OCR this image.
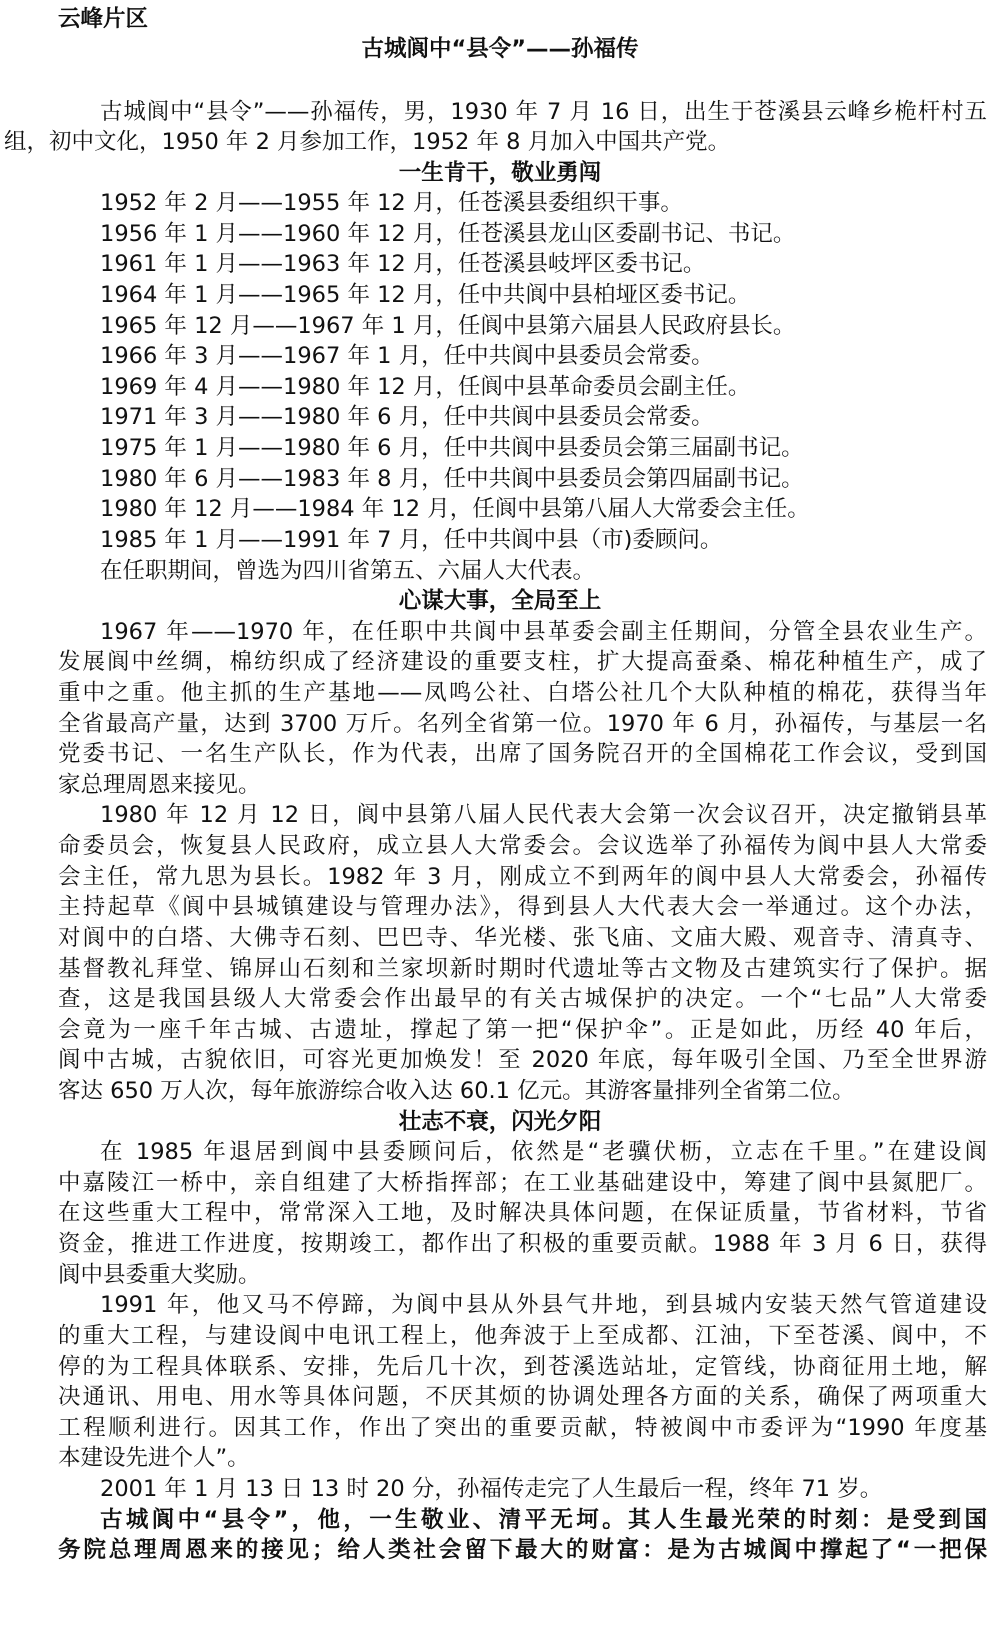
云峰片区
古城阆中“县令”——孙福传
古城阆中“县令”——孙福传，男，1930 年 7 月 16 日，出生于苍溪县云峰乡桅杆村五
组，初中文化，1950 年 2 月参加工作，1952 年 8 月加入中国共产党。
一生肯干，敬业勇闯
1952 年 2 月——1955 年 12 月，任苍溪县委组织干事。
1956 年 1 月——1960 年 12 月，任苍溪县龙山区委副书记、书记。
1961 年 1 月——1963 年 12 月，任苍溪县岐坪区委书记。
1964 年 1 月——1965 年 12 月，任中共阆中县柏垭区委书记。
1965 年 12 月——1967 年 1 月，任阆中县第六届县人民政府县长。
1966 年 3 月——1967 年 1 月，任中共阆中县委员会常委。
1969 年 4 月——1980 年 12 月，任阆中县革命委员会副主任。
1971 年 3 月——1980 年 6 月，任中共阆中县委员会常委。
1975 年 1 月——1980 年 6 月，任中共阆中县委员会第三届副书记。
1980 年 6 月——1983 年 8 月，任中共阆中县委员会第四届副书记。
1980 年 12 月——1984 年 12 月，任阆中县第八届人大常委会主任。
1985 年 1 月——1991 年 7 月，任中共阆中县（市)委顾问。
在任职期间，曾选为四川省第五、六届人大代表。
心谋大事，全局至上
1967 年——1970 年，在任职中共阆中县革委会副主任期间，分管全县农业生产。
发展阆中丝绸，棉纺织成了经济建设的重要支柱，扩大提高蚕桑、棉花种植生产，成了
重中之重。他主抓的生产基地——凤鸣公社、白塔公社几个大队种植的棉花，获得当年
全省最高产量，达到 3700 万斤。名列全省第一位。1970 年 6 月，孙福传，与基层一名
党委书记、一名生产队长，作为代表，出席了国务院召开的全国棉花工作会议，受到国
家总理周恩来接见。
1980 年 12 月 12 日，阆中县第八届人民代表大会第一次会议召开，决定撤销县革
命委员会，恢复县人民政府，成立县人大常委会。会议选举了孙福传为阆中县人大常委
会主任，常九思为县长。1982 年 3 月，刚成立不到两年的阆中县人大常委会，孙福传
主持起草《阆中县城镇建设与管理办法》，得到县人大代表大会一举通过。这个办法，
对阆中的白塔、大佛寺石刻、巴巴寺、华光楼、张飞庙、文庙大殿、观音寺、清真寺、
基督教礼拜堂、锦屏山石刻和兰家坝新时期时代遗址等古文物及古建筑实行了保护。据
查，这是我国县级人大常委会作出最早的有关古城保护的决定。一个“七品”人大常委
会竟为一座千年古城、古遗址，撑起了第一把“保护伞”。正是如此，历经 40 年后，
阆中古城，古貌依旧，可容光更加焕发！至 2020 年底，每年吸引全国、乃至全世界游
客达 650 万人次，每年旅游综合收入达 60.1 亿元。其游客量排列全省第二位。
壮志不衰，闪光夕阳
在 1985 年退居到阆中县委顾问后，依然是“老骥伏枥，立志在千里。”在建设阆
中嘉陵江一桥中，亲自组建了大桥指挥部；在工业基础建设中，筹建了阆中县氮肥厂。
在这些重大工程中，常常深入工地，及时解决具体问题，在保证质量，节省材料，节省
资金，推进工作进度，按期竣工，都作出了积极的重要贡献。1988 年 3 月 6 日，获得
阆中县委重大奖励。
1991 年，他又马不停蹄，为阆中县从外县气井地，到县城内安装天然气管道建设
的重大工程，与建设阆中电讯工程上，他奔波于上至成都、江油，下至苍溪、阆中，不
停的为工程具体联系、安排，先后几十次，到苍溪选站址，定管线，协商征用土地，解
决通讯、用电、用水等具体问题，不厌其烦的协调处理各方面的关系，确保了两项重大
工程顺利进行。因其工作，作出了突出的重要贡献，特被阆中市委评为“1990 年度基
本建设先进个人”。
2001 年 1 月 13 日 13 时 20 分，孙福传走完了人生最后一程，终年 71 岁。
古城阆中“县令”，他，一生敬业、清平无坷。其人生最光荣的时刻：是受到国
务院总理周恩来的接见；给人类社会留下最大的财富：是为古城阆中撑起了“一把保
